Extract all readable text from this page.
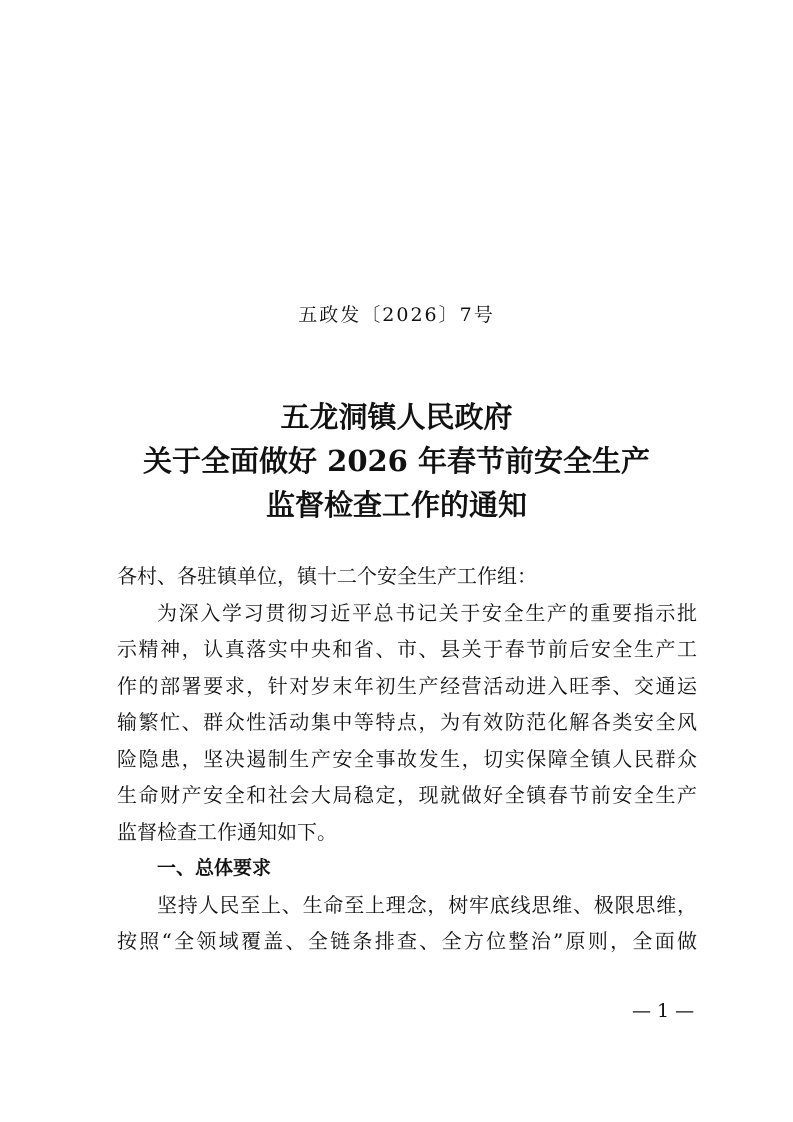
五政发〔2026〕7号
五龙洞镇人民政府
关于全面做好 2026 年春节前安全生产
监督检查工作的通知
各村、各驻镇单位，镇十二个安全生产工作组：
为深入学习贯彻习近平总书记关于安全生产的重要指示批
示精神，认真落实中央和省、市、县关于春节前后安全生产工
作的部署要求，针对岁末年初生产经营活动进入旺季、交通运
输繁忙、群众性活动集中等特点，为有效防范化解各类安全风
险隐患，坚决遏制生产安全事故发生，切实保障全镇人民群众
生命财产安全和社会大局稳定，现就做好全镇春节前安全生产
监督检查工作通知如下。
一、总体要求
坚持人民至上、生命至上理念，树牢底线思维、极限思维，
按照“全领域覆盖、全链条排查、全方位整治”原则，全面做
— 1 —
